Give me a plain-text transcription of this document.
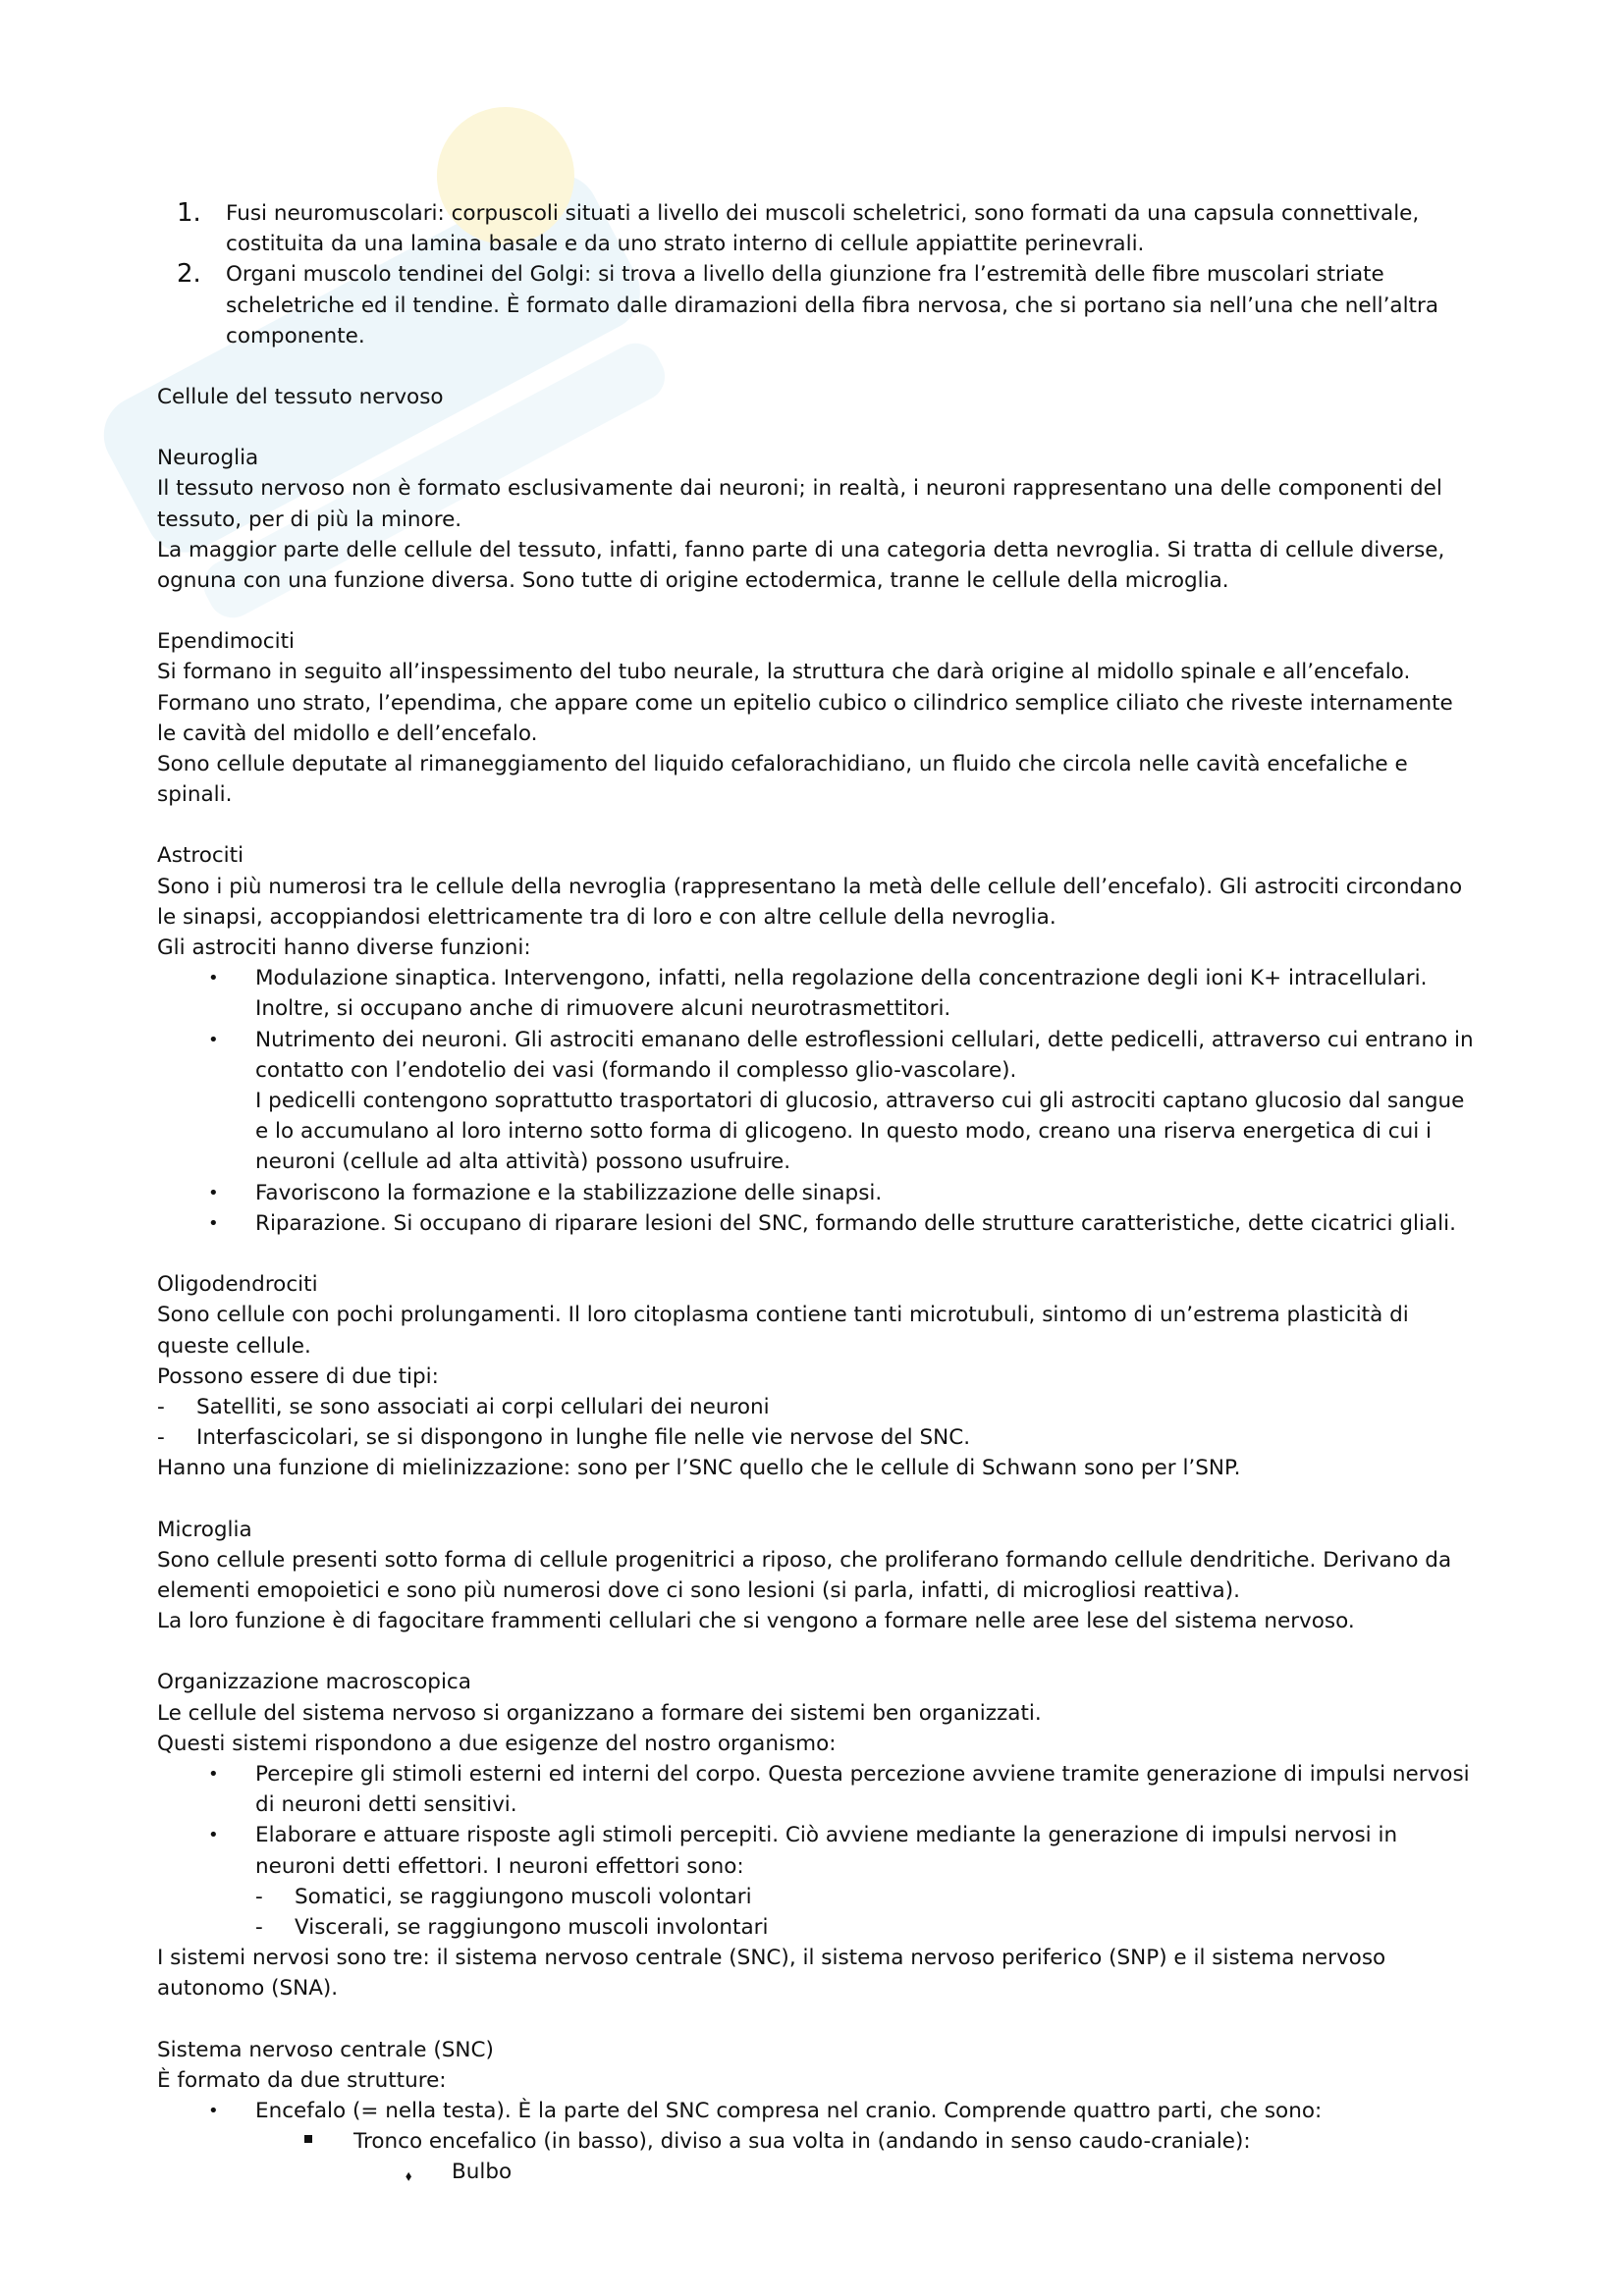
1. Fusi neuromuscolari: corpuscoli situati a livello dei muscoli scheletrici, sono formati da una capsula connettivale, costituita da una lamina basale e da uno strato interno di cellule appiattite perinevrali.
2. Organi muscolo tendinei del Golgi: si trova a livello della giunzione fra l’estremità delle fibre muscolari striate scheletriche ed il tendine. È formato dalle diramazioni della fibra nervosa, che si portano sia nell’una che nell’altra componente.

Cellule del tessuto nervoso

Neuroglia

Il tessuto nervoso non è formato esclusivamente dai neuroni; in realtà, i neuroni rappresentano una delle componenti del tessuto, per di più la minore.

La maggior parte delle cellule del tessuto, infatti, fanno parte di una categoria detta nevroglia. Si tratta di cellule diverse, ognuna con una funzione diversa. Sono tutte di origine ectodermica, tranne le cellule della microglia.

Ependimociti

Si formano in seguito all’inspessimento del tubo neurale, la struttura che darà origine al midollo spinale e all’encefalo. Formano uno strato, l’ependima, che appare come un epitelio cubico o cilindrico semplice ciliato che riveste internamente le cavità del midollo e dell’encefalo.

Sono cellule deputate al rimaneggiamento del liquido cefalorachidiano, un fluido che circola nelle cavità encefaliche e spinali.

Astrociti

Sono i più numerosi tra le cellule della nevroglia (rappresentano la metà delle cellule dell’encefalo). Gli astrociti circondano le sinapsi, accoppiandosi elettricamente tra di loro e con altre cellule della nevroglia.

Gli astrociti hanno diverse funzioni:

• Modulazione sinaptica. Intervengono, infatti, nella regolazione della concentrazione degli ioni K+ intracellulari.
Inoltre, si occupano anche di rimuovere alcuni neurotrasmettitori.
• Nutrimento dei neuroni. Gli astrociti emanano delle estroflessioni cellulari, dette pedicelli, attraverso cui entrano in contatto con l’endotelio dei vasi (formando il complesso glio-vascolare).
I pedicelli contengono soprattutto trasportatori di glucosio, attraverso cui gli astrociti captano glucosio dal sangue e lo accumulano al loro interno sotto forma di glicogeno. In questo modo, creano una riserva energetica di cui i neuroni (cellule ad alta attività) possono usufruire.
• Favoriscono la formazione e la stabilizzazione delle sinapsi.
• Riparazione. Si occupano di riparare lesioni del SNC, formando delle strutture caratteristiche, dette cicatrici gliali.

Oligodendrociti

Sono cellule con pochi prolungamenti. Il loro citoplasma contiene tanti microtubuli, sintomo di un’estrema plasticità di queste cellule.

Possono essere di due tipi:

- Satelliti, se sono associati ai corpi cellulari dei neuroni
- Interfascicolari, se si dispongono in lunghe file nelle vie nervose del SNC.

Hanno una funzione di mielinizzazione: sono per l’SNC quello che le cellule di Schwann sono per l’SNP.

Microglia

Sono cellule presenti sotto forma di cellule progenitrici a riposo, che proliferano formando cellule dendritiche. Derivano da elementi emopoietici e sono più numerosi dove ci sono lesioni (si parla, infatti, di microgliosi reattiva).

La loro funzione è di fagocitare frammenti cellulari che si vengono a formare nelle aree lese del sistema nervoso.

Organizzazione macroscopica

Le cellule del sistema nervoso si organizzano a formare dei sistemi ben organizzati.

Questi sistemi rispondono a due esigenze del nostro organismo:

• Percepire gli stimoli esterni ed interni del corpo. Questa percezione avviene tramite generazione di impulsi nervosi di neuroni detti sensitivi.
• Elaborare e attuare risposte agli stimoli percepiti. Ciò avviene mediante la generazione di impulsi nervosi in neuroni detti effettori. I neuroni effettori sono:
- Somatici, se raggiungono muscoli volontari
- Viscerali, se raggiungono muscoli involontari

I sistemi nervosi sono tre: il sistema nervoso centrale (SNC), il sistema nervoso periferico (SNP) e il sistema nervoso autonomo (SNA).

Sistema nervoso centrale (SNC)

È formato da due strutture:

• Encefalo (= nella testa). È la parte del SNC compresa nel cranio. Comprende quattro parti, che sono:
Tronco encefalico (in basso), diviso a sua volta in (andando in senso caudo-craniale):
⬧ Bulbo
